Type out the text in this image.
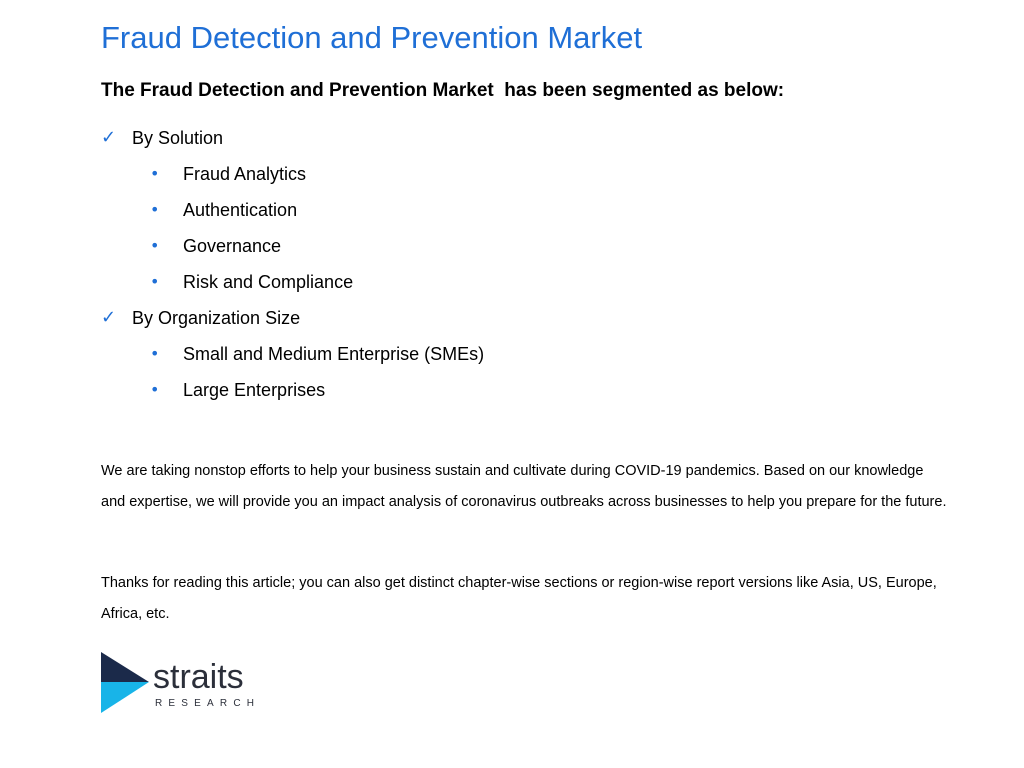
Fraud Detection and Prevention Market
The Fraud Detection and Prevention Market  has been segmented as below:
✓ By Solution
• Fraud Analytics
• Authentication
• Governance
• Risk and Compliance
✓ By Organization Size
• Small and Medium Enterprise (SMEs)
• Large Enterprises

We are taking nonstop efforts to help your business sustain and cultivate during COVID-19 pandemics. Based on our knowledge and expertise, we will provide you an impact analysis of coronavirus outbreaks across businesses to help you prepare for the future.

Thanks for reading this article; you can also get distinct chapter-wise sections or region-wise report versions like Asia, US, Europe, Africa, etc.

straits
RESEARCH
